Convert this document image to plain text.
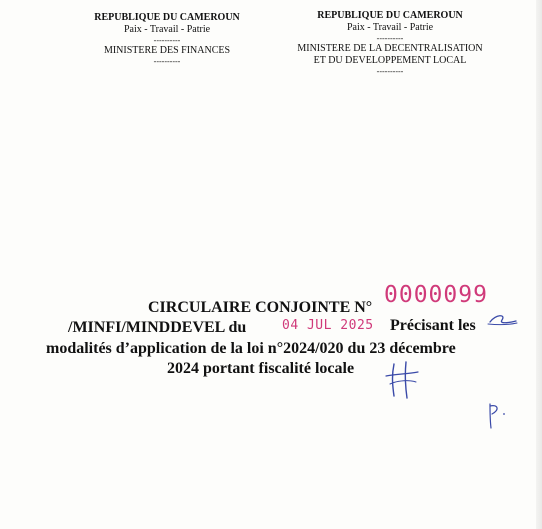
REPUBLIQUE DU CAMEROUN
Paix - Travail - Patrie
----------
MINISTERE DES FINANCES
----------
REPUBLIQUE DU CAMEROUN
Paix - Travail - Patrie
----------
MINISTERE DE LA DECENTRALISATION
ET DU DEVELOPPEMENT LOCAL
----------
0000099
CIRCULAIRE CONJOINTE N°
/MINFI/MINDDEVEL du	04 JUL 2025 Précisant les
modalités d’application de la loi n°2024/020 du 23 décembre
2024 portant fiscalité locale
